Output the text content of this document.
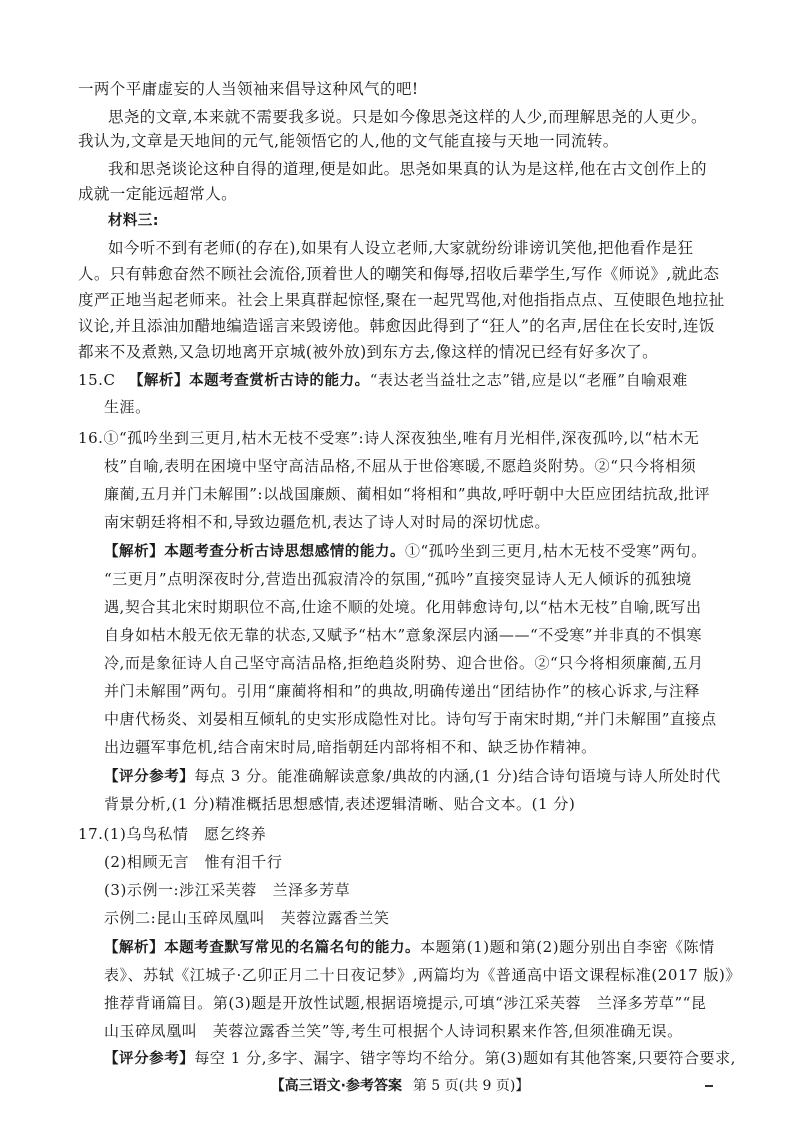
一两个平庸虚妄的人当领袖来倡导这种风气的吧!
思尧的文章,本来就不需要我多说。只是如今像思尧这样的人少,而理解思尧的人更少。
我认为,文章是天地间的元气,能领悟它的人,他的文气能直接与天地一同流转。
我和思尧谈论这种自得的道理,便是如此。思尧如果真的认为是这样,他在古文创作上的
成就一定能远超常人。
材料三:
如今听不到有老师(的存在),如果有人设立老师,大家就纷纷诽谤讥笑他,把他看作是狂
人。只有韩愈奋然不顾社会流俗,顶着世人的嘲笑和侮辱,招收后辈学生,写作《师说》,就此态
度严正地当起老师来。社会上果真群起惊怪,聚在一起咒骂他,对他指指点点、互使眼色地拉扯
议论,并且添油加醋地编造谣言来毁谤他。韩愈因此得到了“狂人”的名声,居住在长安时,连饭
都来不及煮熟,又急切地离开京城(被外放)到东方去,像这样的情况已经有好多次了。
15.C 【解析】本题考查赏析古诗的能力。“表达老当益壮之志”错,应是以“老雁”自喻艰难
生涯。
16.①“孤吟坐到三更月,枯木无枝不受寒”:诗人深夜独坐,唯有月光相伴,深夜孤吟,以“枯木无
枝”自喻,表明在困境中坚守高洁品格,不屈从于世俗寒暖,不愿趋炎附势。②“只今将相须
廉蔺,五月并门未解围”:以战国廉颇、蔺相如“将相和”典故,呼吁朝中大臣应团结抗敌,批评
南宋朝廷将相不和,导致边疆危机,表达了诗人对时局的深切忧虑。
【解析】本题考查分析古诗思想感情的能力。①“孤吟坐到三更月,枯木无枝不受寒”两句。
“三更月”点明深夜时分,营造出孤寂清冷的氛围,“孤吟”直接突显诗人无人倾诉的孤独境
遇,契合其北宋时期职位不高,仕途不顺的处境。化用韩愈诗句,以“枯木无枝”自喻,既写出
自身如枯木般无依无靠的状态,又赋予“枯木”意象深层内涵——“不受寒”并非真的不惧寒
冷,而是象征诗人自己坚守高洁品格,拒绝趋炎附势、迎合世俗。②“只今将相须廉蔺,五月
并门未解围”两句。引用“廉蔺将相和”的典故,明确传递出“团结协作”的核心诉求,与注释
中唐代杨炎、刘晏相互倾轧的史实形成隐性对比。诗句写于南宋时期,“并门未解围”直接点
出边疆军事危机,结合南宋时局,暗指朝廷内部将相不和、缺乏协作精神。
【评分参考】每点 3 分。能准确解读意象/典故的内涵,(1 分)结合诗句语境与诗人所处时代
背景分析,(1 分)精准概括思想感情,表述逻辑清晰、贴合文本。(1 分)
17.(1)乌鸟私情　愿乞终养
(2)相顾无言　惟有泪千行
(3)示例一:涉江采芙蓉　兰泽多芳草
示例二:昆山玉碎凤凰叫　芙蓉泣露香兰笑
【解析】本题考查默写常见的名篇名句的能力。本题第(1)题和第(2)题分别出自李密《陈情
表》、苏轼《江城子·乙卯正月二十日夜记梦》,两篇均为《普通高中语文课程标准(2017 版)》
推荐背诵篇目。第(3)题是开放性试题,根据语境提示,可填“涉江采芙蓉　兰泽多芳草”“昆
山玉碎凤凰叫　芙蓉泣露香兰笑”等,考生可根据个人诗词积累来作答,但须准确无误。
【评分参考】每空 1 分,多字、漏字、错字等均不给分。第(3)题如有其他答案,只要符合要求,
【高三语文·参考答案 第 5 页(共 9 页)】
